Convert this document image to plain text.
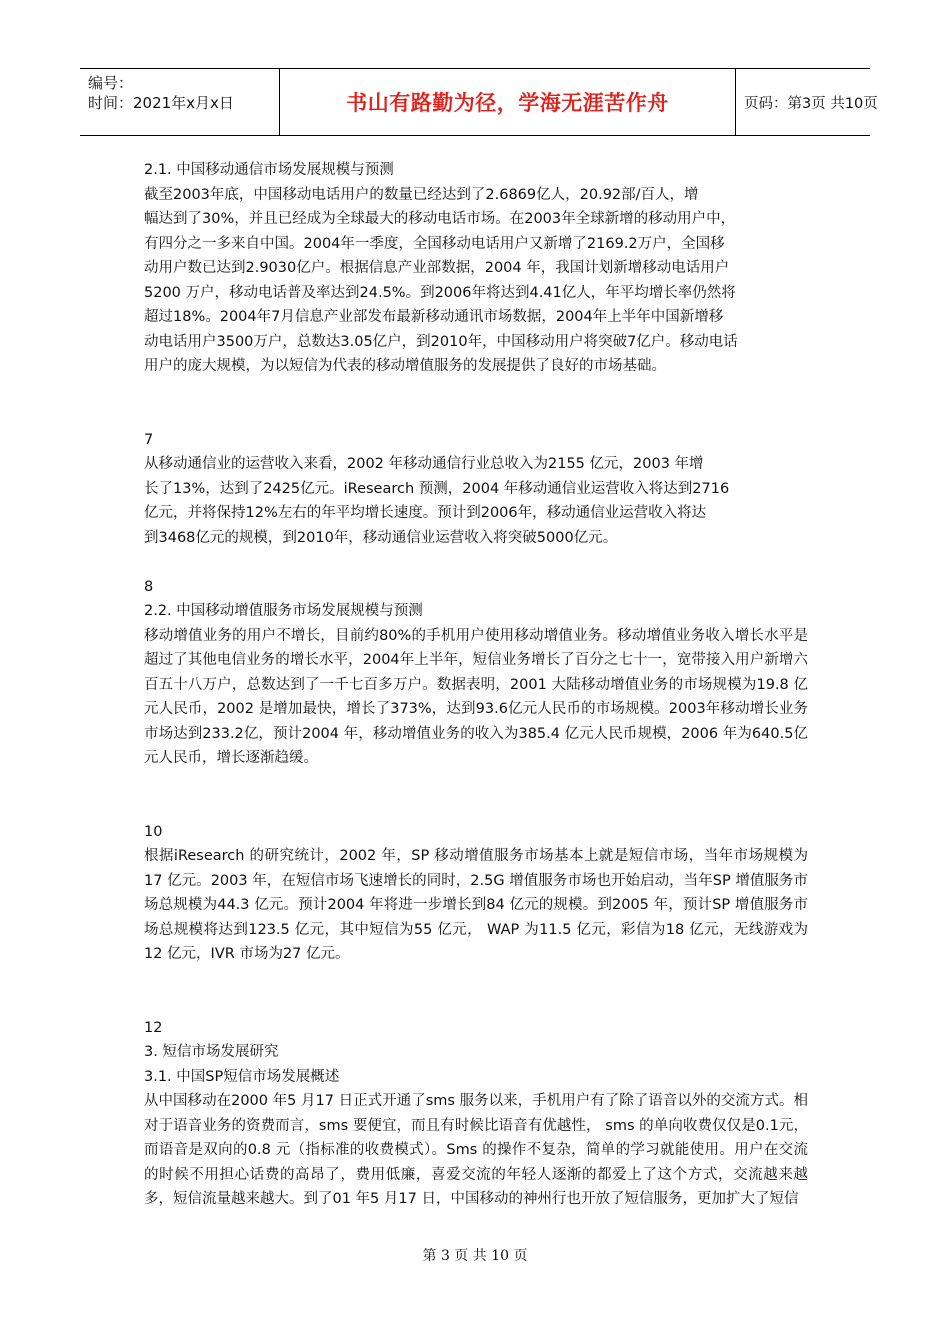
编号：
时间：2021年x月x日	书山有路勤为径，学海无涯苦作舟	页码：第3页 共10页

2.1. 中国移动通信市场发展规模与预测

截至2003年底，中国移动电话用户的数量已经达到了2.6869亿人，20.92部/百人，增

幅达到了30%，并且已经成为全球最大的移动电话市场。在2003年全球新增的移动用户中，

有四分之一多来自中国。2004年一季度，全国移动电话用户又新增了2169.2万户，全国移

动用户数已达到2.9030亿户。根据信息产业部数据，2004 年，我国计划新增移动电话用户

5200 万户，移动电话普及率达到24.5%。到2006年将达到4.41亿人，年平均增长率仍然将

超过18%。2004年7月信息产业部发布最新移动通讯市场数据，2004年上半年中国新增移

动电话用户3500万户，总数达3.05亿户，到2010年，中国移动用户将突破7亿户。移动电话

用户的庞大规模，为以短信为代表的移动增值服务的发展提供了良好的市场基础。

7

从移动通信业的运营收入来看，2002 年移动通信行业总收入为2155 亿元，2003 年增

长了13%，达到了2425亿元。iResearch 预测，2004 年移动通信业运营收入将达到2716

亿元，并将保持12%左右的年平均增长速度。预计到2006年，移动通信业运营收入将达

到3468亿元的规模，到2010年，移动通信业运营收入将突破5000亿元。

8

2.2. 中国移动增值服务市场发展规模与预测

移动增值业务的用户不增长，目前约80%的手机用户使用移动增值业务。移动增值业务收入增长水平是超过了其他电信业务的增长水平，2004年上半年，短信业务增长了百分之七十一，宽带接入用户新增六百五十八万户，总数达到了一千七百多万户。数据表明，2001 大陆移动增值业务的市场规模为19.8 亿元人民币，2002 是增加最快，增长了373%，达到93.6亿元人民币的市场规模。2003年移动增长业务市场达到233.2亿，预计2004 年，移动增值业务的收入为385.4 亿元人民币规模，2006 年为640.5亿元人民币，增长逐渐趋缓。

10

根据iResearch 的研究统计，2002 年，SP 移动增值服务市场基本上就是短信市场，当年市场规模为17 亿元。2003 年，在短信市场飞速增长的同时，2.5G 增值服务市场也开始启动，当年SP 增值服务市场总规模为44.3 亿元。预计2004 年将进一步增长到84 亿元的规模。到2005 年，预计SP 增值服务市场总规模将达到123.5 亿元，其中短信为55 亿元， WAP 为11.5 亿元，彩信为18 亿元，无线游戏为12 亿元，IVR 市场为27 亿元。

12

3. 短信市场发展研究

3.1. 中国SP短信市场发展概述

从中国移动在2000 年5 月17 日正式开通了sms 服务以来，手机用户有了除了语音以外的交流方式。相对于语音业务的资费而言，sms 要便宜，而且有时候比语音有优越性， sms 的单向收费仅仅是0.1元，而语音是双向的0.8 元（指标准的收费模式）。Sms 的操作不复杂，简单的学习就能使用。用户在交流的时候不用担心话费的高昂了，费用低廉，喜爱交流的年轻人逐渐的都爱上了这个方式，交流越来越多，短信流量越来越大。到了01 年5 月17 日，中国移动的神州行也开放了短信服务，更加扩大了短信

第 3 页 共 10 页
